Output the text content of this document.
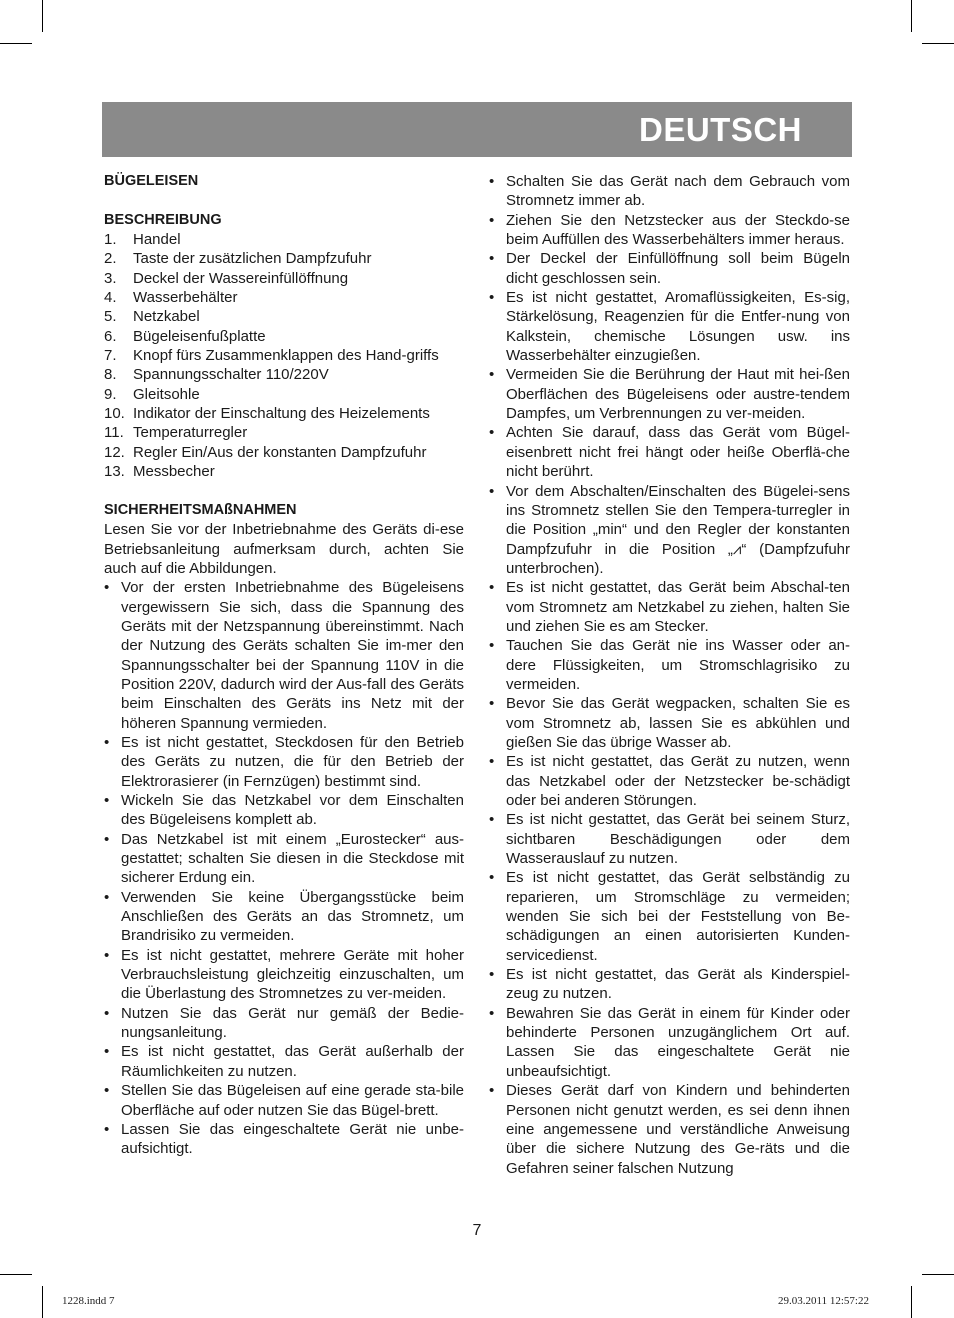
DEUTSCH
BÜGELEISEN
BESCHREIBUNG
1. Handel
2. Taste der zusätzlichen Dampfzufuhr
3. Deckel der Wassereinfüllöffnung
4. Wasserbehälter
5. Netzkabel
6. Bügeleisenfußplatte
7. Knopf fürs Zusammenklappen des Hand-griffs
8. Spannungsschalter 110/220V
9. Gleitsohle
10. Indikator der Einschaltung des Heizelements
11. Temperaturregler
12. Regler Ein/Aus der konstanten Dampfzufuhr
13. Messbecher
SICHERHEITSMAßNAHMEN

Lesen Sie vor der Inbetriebnahme des Geräts di-ese Betriebsanleitung aufmerksam durch, achten Sie auch auf die Abbildungen.

• Vor der ersten Inbetriebnahme des Bügeleisens vergewissern Sie sich, dass die Spannung des Geräts mit der Netzspannung übereinstimmt. Nach der Nutzung des Geräts schalten Sie im-mer den Spannungsschalter bei der Spannung 110V in die Position 220V, dadurch wird der Aus-fall des Geräts beim Einschalten des Geräts ins Netz mit der höheren Spannung vermieden.
• Es ist nicht gestattet, Steckdosen für den Betrieb des Geräts zu nutzen, die für den Betrieb der Elektrorasierer (in Fernzügen) bestimmt sind.
• Wickeln Sie das Netzkabel vor dem Einschalten des Bügeleisens komplett ab.
• Das Netzkabel ist mit einem „Eurostecker“ aus-gestattet; schalten Sie diesen in die Steckdose mit sicherer Erdung ein.
• Verwenden Sie keine Übergangsstücke beim Anschließen des Geräts an das Stromnetz, um Brandrisiko zu vermeiden.
• Es ist nicht gestattet, mehrere Geräte mit hoher Verbrauchsleistung gleichzeitig einzuschalten, um die Überlastung des Stromnetzes zu ver-meiden.
• Nutzen Sie das Gerät nur gemäß der Bedie-nungsanleitung.
• Es ist nicht gestattet, das Gerät außerhalb der Räumlichkeiten zu nutzen.
• Stellen Sie das Bügeleisen auf eine gerade sta-bile Oberfläche auf oder nutzen Sie das Bügel-brett.
• Lassen Sie das eingeschaltete Gerät nie unbe-aufsichtigt.
• Schalten Sie das Gerät nach dem Gebrauch vom Stromnetz immer ab.
• Ziehen Sie den Netzstecker aus der Steckdo-se beim Auffüllen des Wasserbehälters immer heraus.
• Der Deckel der Einfüllöffnung soll beim Bügeln dicht geschlossen sein.
• Es ist nicht gestattet, Aromaflüssigkeiten, Es-sig, Stärkelösung, Reagenzien für die Entfer-nung von Kalkstein, chemische Lösungen usw. ins Wasserbehälter einzugießen.
• Vermeiden Sie die Berührung der Haut mit hei-ßen Oberflächen des Bügeleisens oder austre-tendem Dampfes, um Verbrennungen zu ver-meiden.
• Achten Sie darauf, dass das Gerät vom Bügel-eisenbrett nicht frei hängt oder heiße Oberflä-che nicht berührt.
• Vor dem Abschalten/Einschalten des Bügelei-sens ins Stromnetz stellen Sie den Tempera-turregler in die Position „min“ und den Regler der konstanten Dampfzufuhr in die Position „⩘“ (Dampfzufuhr unterbrochen).
• Es ist nicht gestattet, das Gerät beim Abschal-ten vom Stromnetz am Netzkabel zu ziehen, halten Sie und ziehen Sie es am Stecker.
• Tauchen Sie das Gerät nie ins Wasser oder an-dere Flüssigkeiten, um Stromschlagrisiko zu vermeiden.
• Bevor Sie das Gerät wegpacken, schalten Sie es vom Stromnetz ab, lassen Sie es abkühlen und gießen Sie das übrige Wasser ab.
• Es ist nicht gestattet, das Gerät zu nutzen, wenn das Netzkabel oder der Netzstecker be-schädigt oder bei anderen Störungen.
• Es ist nicht gestattet, das Gerät bei seinem Sturz, sichtbaren Beschädigungen oder dem Wasserauslauf zu nutzen.
• Es ist nicht gestattet, das Gerät selbständig zu reparieren, um Stromschläge zu vermeiden; wenden Sie sich bei der Feststellung von Be-schädigungen an einen autorisierten Kunden-servicedienst.
• Es ist nicht gestattet, das Gerät als Kinderspiel-zeug zu nutzen.
• Bewahren Sie das Gerät in einem für Kinder oder behinderte Personen unzugänglichem Ort auf. Lassen Sie das eingeschaltete Gerät nie unbeaufsichtigt.
• Dieses Gerät darf von Kindern und behinderten Personen nicht genutzt werden, es sei denn ihnen eine angemessene und verständliche Anweisung über die sichere Nutzung des Ge-räts und die Gefahren seiner falschen Nutzung
7
1228.indd 7	29.03.2011 12:57:22
